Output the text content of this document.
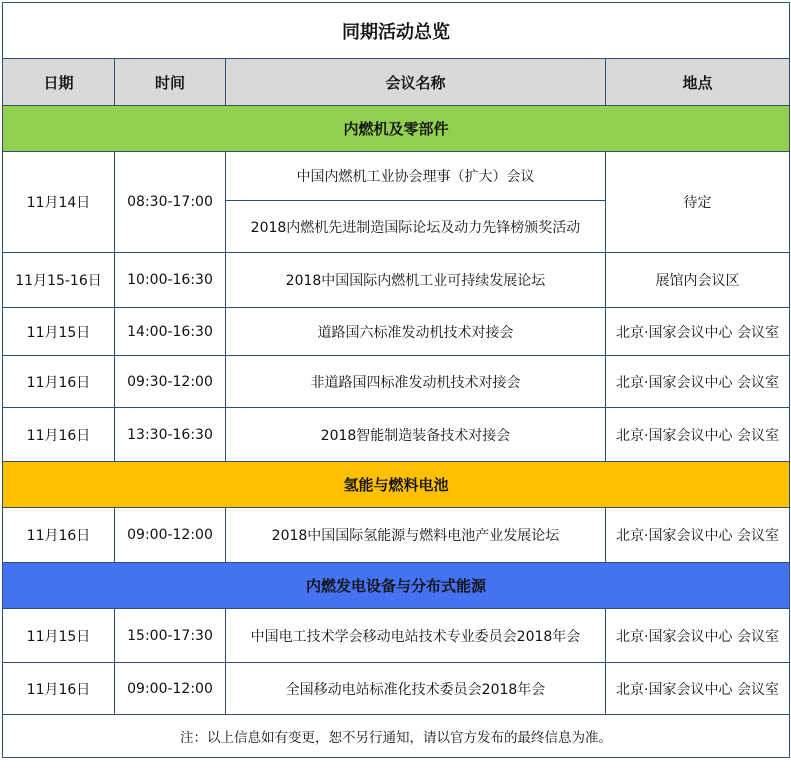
同期活动总览			
日期	时间	会议名称	地点
内燃机及零部件			
11月14日	08:30-17:00	中国内燃机工业协会理事（扩大）会议	待定
		2018内燃机先进制造国际论坛及动力先锋榜颁奖活动	
11月15-16日	10:00-16:30	2018中国国际内燃机工业可持续发展论坛	展馆内会议区
11月15日	14:00-16:30	道路国六标准发动机技术对接会	北京·国家会议中心 会议室
11月16日	09:30-12:00	非道路国四标准发动机技术对接会	北京·国家会议中心 会议室
11月16日	13:30-16:30	2018智能制造装备技术对接会	北京·国家会议中心 会议室
氢能与燃料电池			
11月16日	09:00-12:00	2018中国国际氢能源与燃料电池产业发展论坛	北京·国家会议中心 会议室
内燃发电设备与分布式能源			
11月15日	15:00-17:30	中国电工技术学会移动电站技术专业委员会2018年会	北京·国家会议中心 会议室
11月16日	09:00-12:00	全国移动电站标准化技术委员会2018年会	北京·国家会议中心 会议室
注：以上信息如有变更，恕不另行通知，请以官方发布的最终信息为准。			
